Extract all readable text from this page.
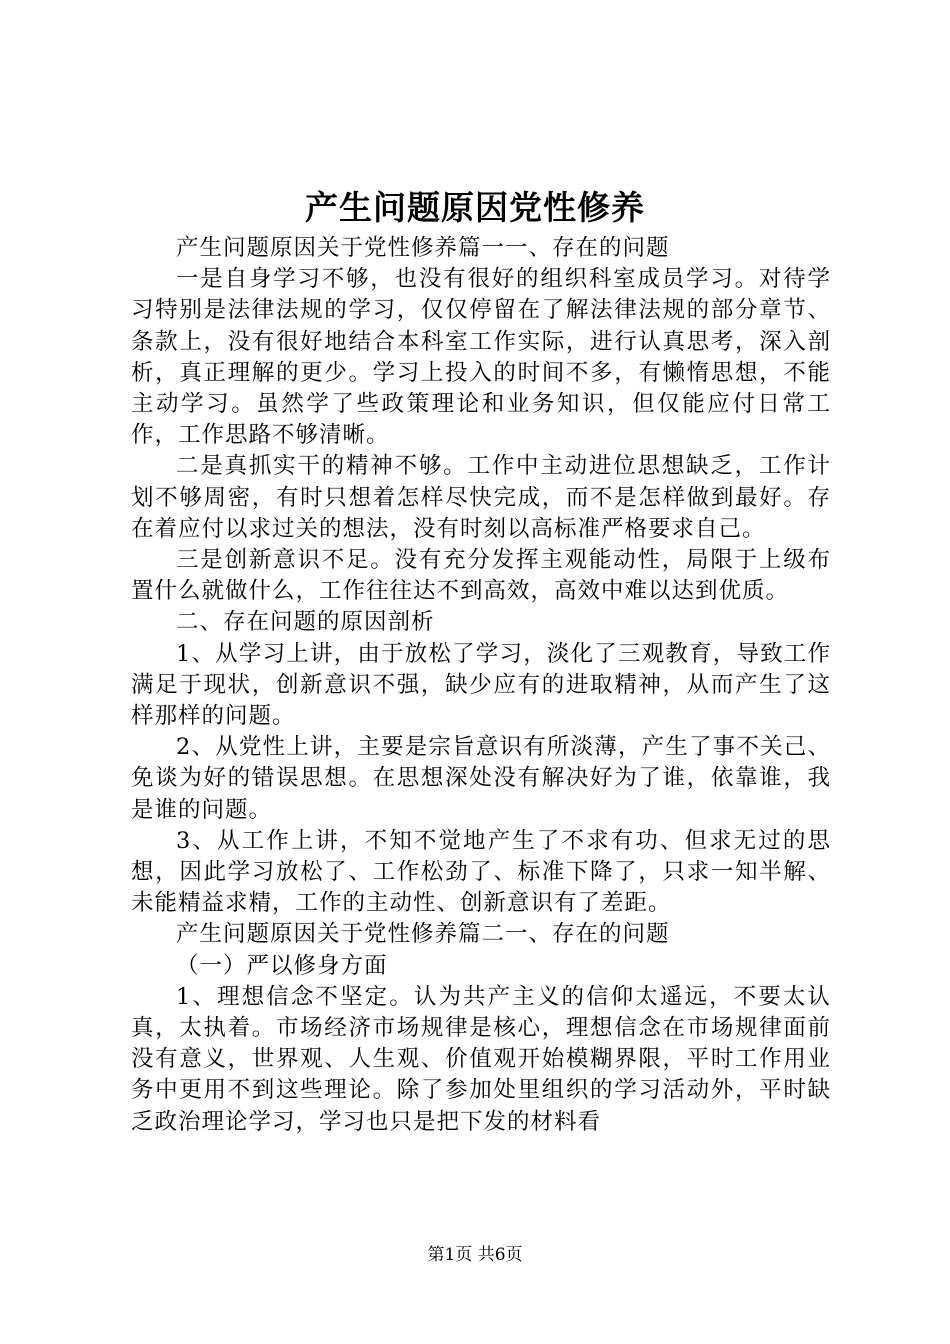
产生问题原因党性修养

产生问题原因关于党性修养篇一一、存在的问题

一是自身学习不够，也没有很好的组织科室成员学习。对待学习特别是法律法规的学习，仅仅停留在了解法律法规的部分章节、条款上，没有很好地结合本科室工作实际，进行认真思考，深入剖析，真正理解的更少。学习上投入的时间不多，有懒惰思想，不能主动学习。虽然学了些政策理论和业务知识，但仅能应付日常工作，工作思路不够清晰。

二是真抓实干的精神不够。工作中主动进位思想缺乏，工作计划不够周密，有时只想着怎样尽快完成，而不是怎样做到最好。存在着应付以求过关的想法，没有时刻以高标准严格要求自己。

三是创新意识不足。没有充分发挥主观能动性，局限于上级布置什么就做什么，工作往往达不到高效，高效中难以达到优质。

二、存在问题的原因剖析

1、从学习上讲，由于放松了学习，淡化了三观教育，导致工作满足于现状，创新意识不强，缺少应有的进取精神，从而产生了这样那样的问题。

2、从党性上讲，主要是宗旨意识有所淡薄，产生了事不关己、免谈为好的错误思想。在思想深处没有解决好为了谁，依靠谁，我是谁的问题。

3、从工作上讲，不知不觉地产生了不求有功、但求无过的思想，因此学习放松了、工作松劲了、标准下降了，只求一知半解、未能精益求精，工作的主动性、创新意识有了差距。

产生问题原因关于党性修养篇二一、存在的问题

（一）严以修身方面

1、理想信念不坚定。认为共产主义的信仰太遥远，不要太认真，太执着。市场经济市场规律是核心，理想信念在市场规律面前没有意义，世界观、人生观、价值观开始模糊界限，平时工作用业务中更用不到这些理论。除了参加处里组织的学习活动外，平时缺乏政治理论学习，学习也只是把下发的材料看

第1页 共6页
